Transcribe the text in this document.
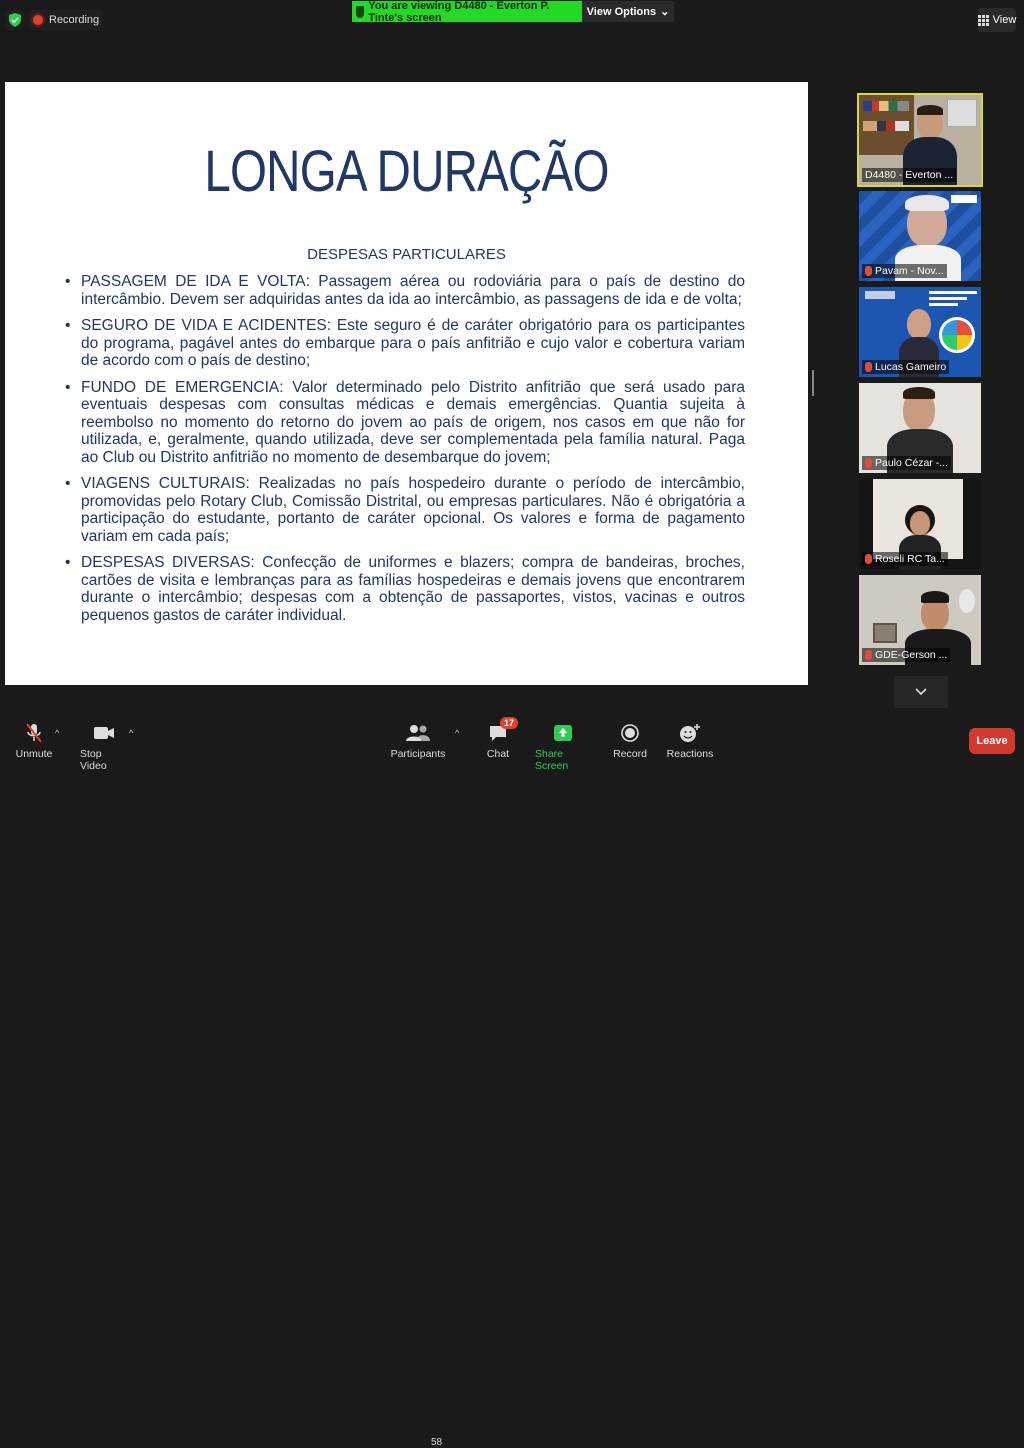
Recording
You are viewing D4480 - Everton P. Tinte's screen	View Options ⌄
View
LONGA DURAÇÃO
DESPESAS PARTICULARES
• PASSAGEM DE IDA E VOLTA: Passagem aérea ou rodoviária para o país de destino do intercâmbio. Devem ser adquiridas antes da ida ao intercâmbio, as passagens de ida e de volta;
• SEGURO DE VIDA E ACIDENTES: Este seguro é de caráter obrigatório para os participantes do programa, pagável antes do embarque para o país anfitrião e cujo valor e cobertura variam de acordo com o país de destino;
• FUNDO DE EMERGENCIA: Valor determinado pelo Distrito anfitrião que será usado para eventuais despesas com consultas médicas e demais emergências. Quantia sujeita à reembolso no momento do retorno do jovem ao país de origem, nos casos em que não for utilizada, e, geralmente, quando utilizada, deve ser complementada pela família natural. Paga ao Club ou Distrito anfitrião no momento de desembarque do jovem;
• VIAGENS CULTURAIS: Realizadas no país hospedeiro durante o período de intercâmbio, promovidas pelo Rotary Club, Comissão Distrital, ou empresas particulares. Não é obrigatória a participação do estudante, portanto de caráter opcional. Os valores e forma de pagamento variam em cada país;
• DESPESAS DIVERSAS: Confecção de uniformes e blazers; compra de bandeiras, broches, cartões de visita e lembranças para as famílias hospedeiras e demais jovens que encontrarem durante o intercâmbio; despesas com a obtenção de passaportes, vistos, vacinas e outros pequenos gastos de caráter individual.
D4480 - Everton ...
Pavam - Nov...
Lucas Gameiro
Paulo Cézar -...
Roseli RC Ta...
GDE-Gerson ...
Unmute
^
Stop Video
^
Participants
58
^
Chat Share Screen
Record Reactions
17
Leave
